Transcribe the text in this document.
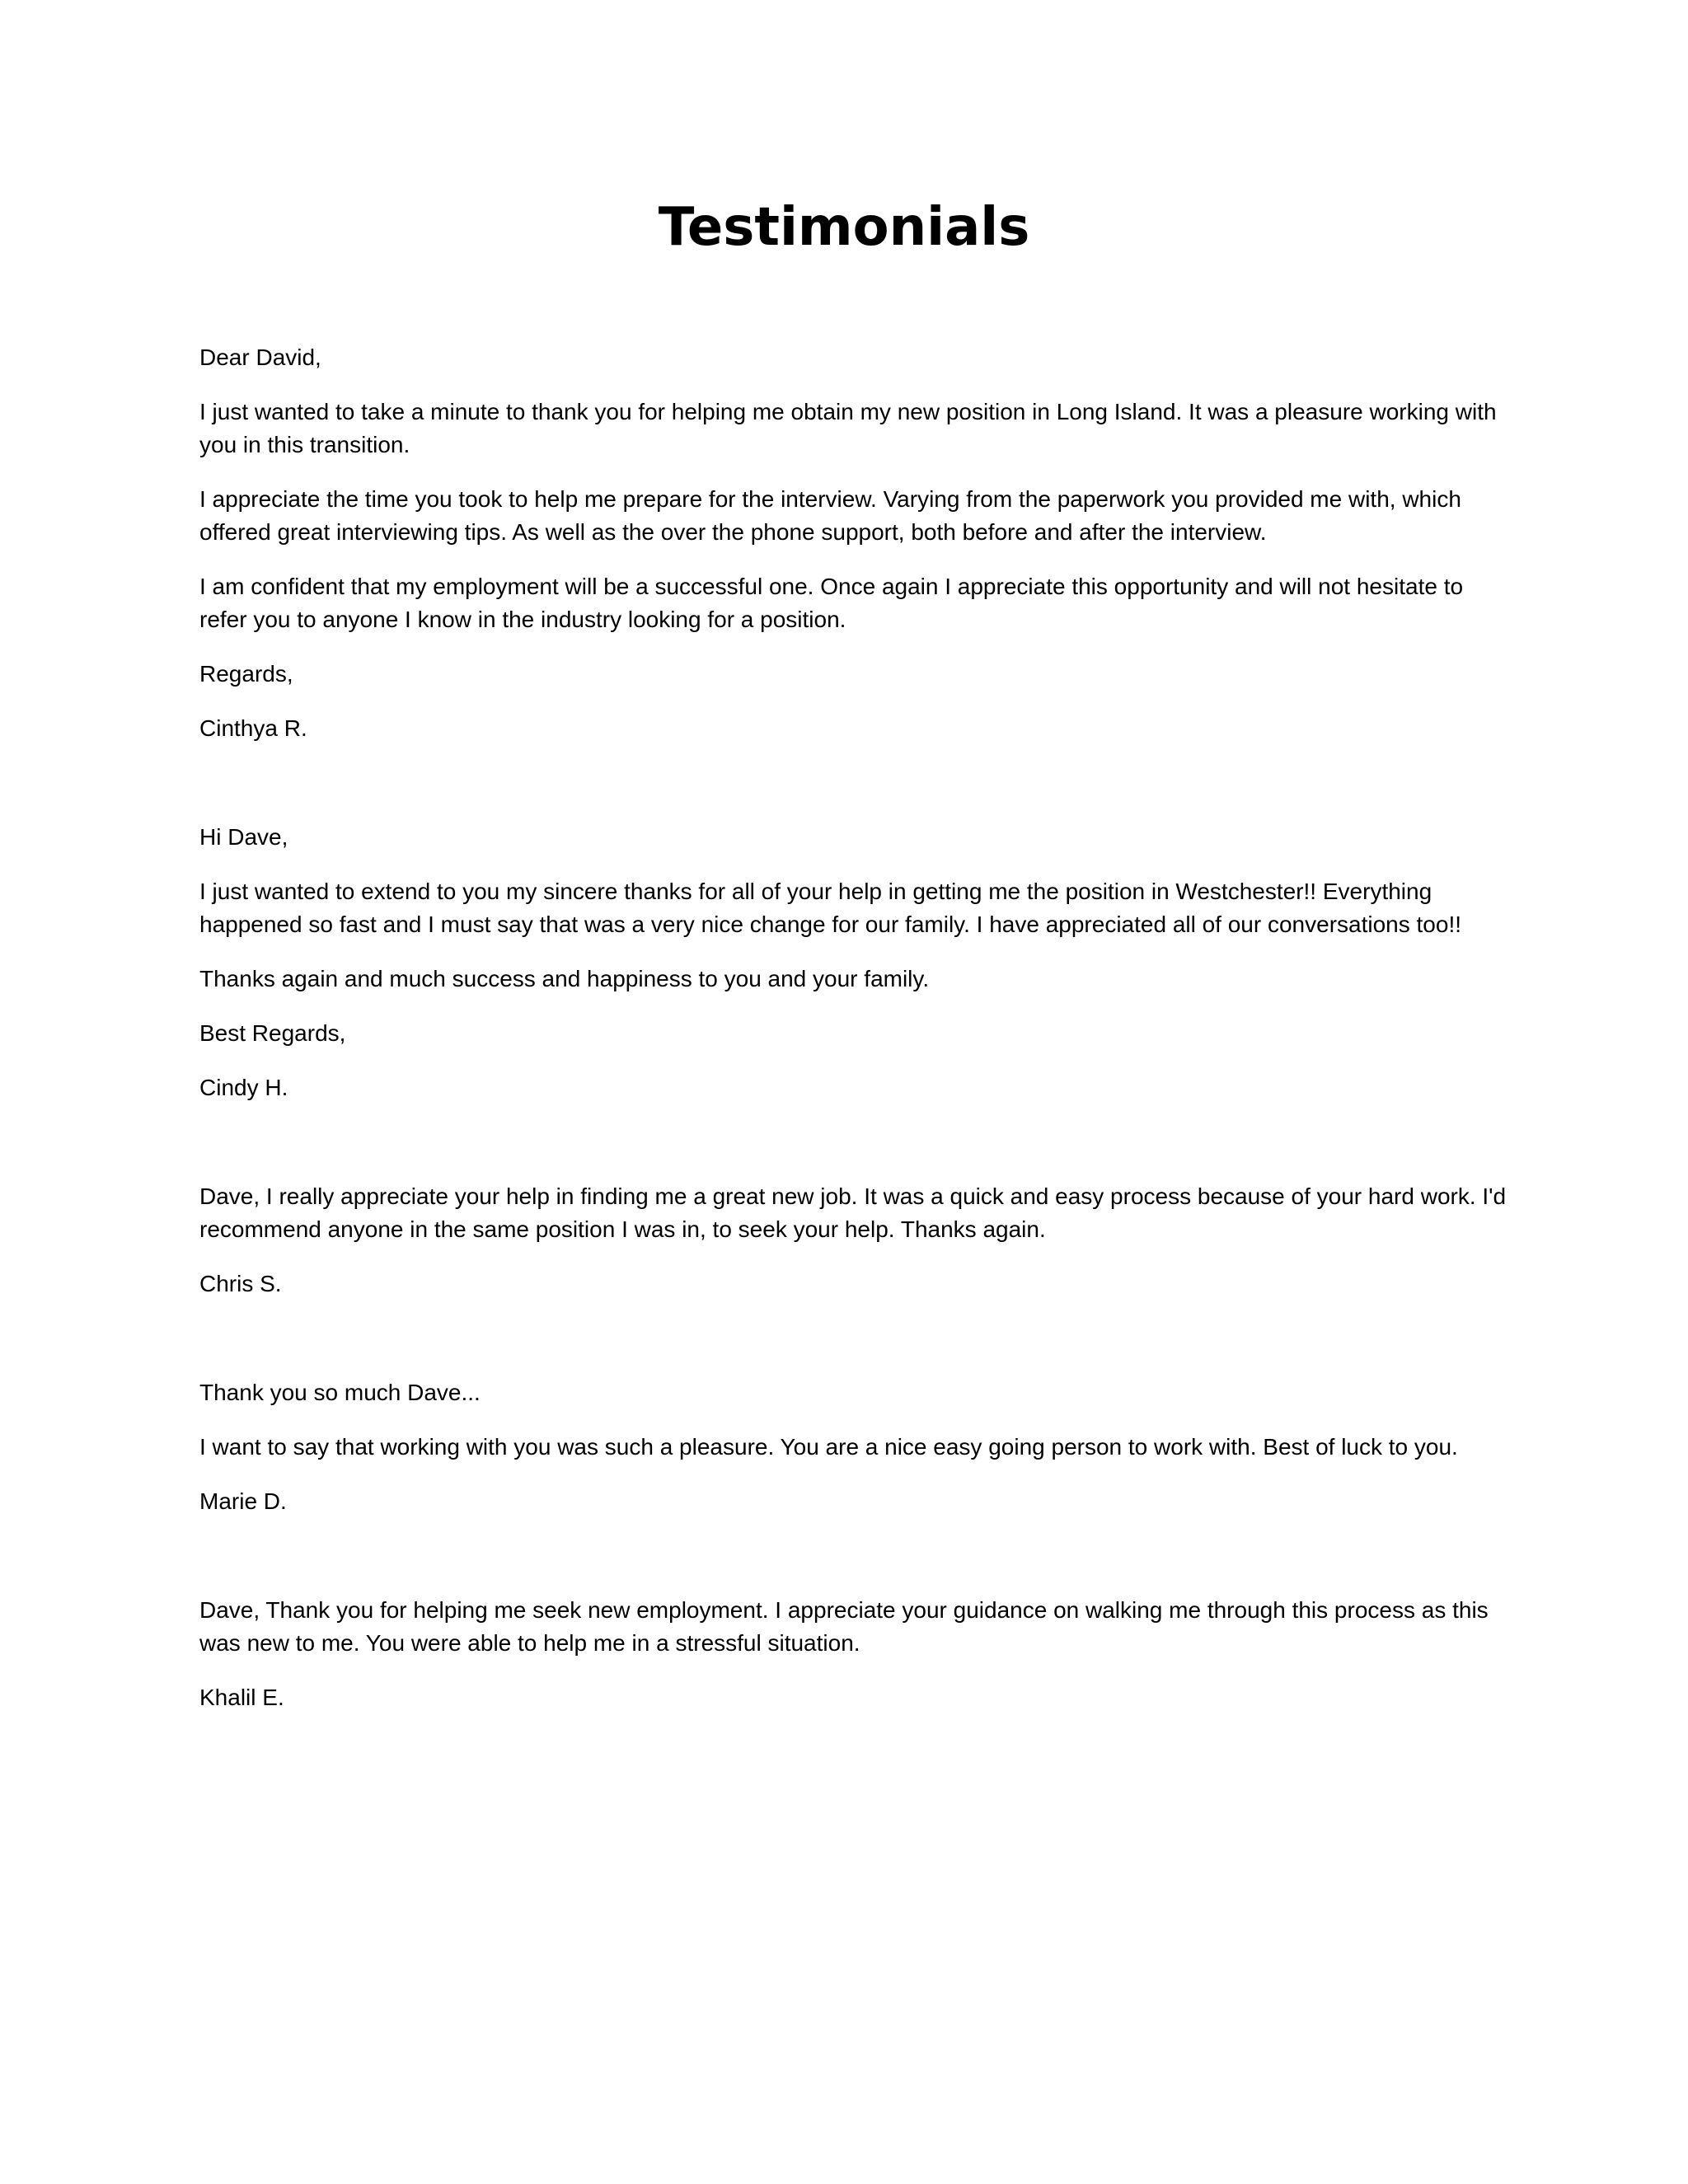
Testimonials

Dear David,

I just wanted to take a minute to thank you for helping me obtain my new position in Long Island. It was a pleasure working with you in this transition.

I appreciate the time you took to help me prepare for the interview. Varying from the paperwork you provided me with, which offered great interviewing tips. As well as the over the phone support, both before and after the interview.

I am confident that my employment will be a successful one. Once again I appreciate this opportunity and will not hesitate to refer you to anyone I know in the industry looking for a position.

Regards,

Cinthya R.

Hi Dave,

I just wanted to extend to you my sincere thanks for all of your help in getting me the position in Westchester!! Everything happened so fast and I must say that was a very nice change for our family. I have appreciated all of our conversations too!!

Thanks again and much success and happiness to you and your family.

Best Regards,

Cindy H.

Dave, I really appreciate your help in finding me a great new job. It was a quick and easy process because of your hard work. I'd recommend anyone in the same position I was in, to seek your help. Thanks again.

Chris S.

Thank you so much Dave...

I want to say that working with you was such a pleasure. You are a nice easy going person to work with. Best of luck to you.

Marie D.

Dave, Thank you for helping me seek new employment. I appreciate your guidance on walking me through this process as this was new to me. You were able to help me in a stressful situation.

Khalil E.
